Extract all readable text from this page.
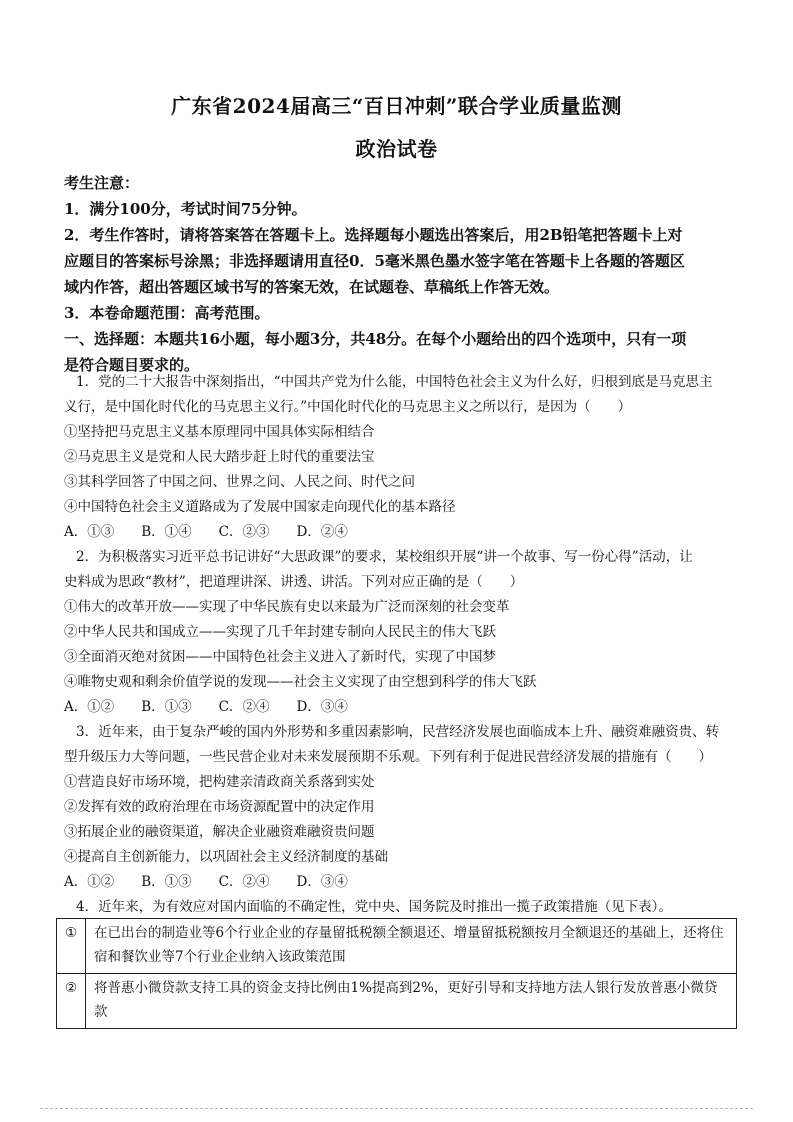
广东省2024届高三“百日冲刺”联合学业质量监测
政治试卷
考生注意：
1．满分100分，考试时间75分钟。
2．考生作答时，请将答案答在答题卡上。选择题每小题选出答案后，用2B铅笔把答题卡上对
应题目的答案标号涂黑；非选择题请用直径0．5毫米黑色墨水签字笔在答题卡上各题的答题区
域内作答，超出答题区域书写的答案无效，在试题卷、草稿纸上作答无效。
3．本卷命题范围：高考范围。
一、选择题：本题共16小题，每小题3分，共48分。在每个小题给出的四个选项中，只有一项
是符合题目要求的。
1．党的二十大报告中深刻指出，“中国共产党为什么能，中国特色社会主义为什么好，归根到底是马克思主
义行，是中国化时代化的马克思主义行。”中国化时代化的马克思主义之所以行，是因为（　　）
①坚持把马克思主义基本原理同中国具体实际相结合
②马克思主义是党和人民大踏步赶上时代的重要法宝
③其科学回答了中国之问、世界之问、人民之问、时代之问
④中国特色社会主义道路成为了发展中国家走向现代化的基本路径
A．①③　　B．①④　　C．②③　　D．②④
2．为积极落实习近平总书记讲好“大思政课”的要求，某校组织开展“讲一个故事、写一份心得”活动，让
史料成为思政“教材”，把道理讲深、讲透、讲活。下列对应正确的是（　　）
①伟大的改革开放——实现了中华民族有史以来最为广泛而深刻的社会变革
②中华人民共和国成立——实现了几千年封建专制向人民民主的伟大飞跃
③全面消灭绝对贫困——中国特色社会主义进入了新时代，实现了中国梦
④唯物史观和剩余价值学说的发现——社会主义实现了由空想到科学的伟大飞跃
A．①②　　B．①③　　C．②④　　D．③④
3．近年来，由于复杂严峻的国内外形势和多重因素影响，民营经济发展也面临成本上升、融资难融资贵、转
型升级压力大等问题，一些民营企业对未来发展预期不乐观。下列有利于促进民营经济发展的措施有（　　）
①营造良好市场环境，把构建亲清政商关系落到实处
②发挥有效的政府治理在市场资源配置中的决定作用
③拓展企业的融资渠道，解决企业融资难融资贵问题
④提高自主创新能力，以巩固社会主义经济制度的基础
A．①②　　B．①③　　C．②④　　D．③④
4．近年来，为有效应对国内面临的不确定性，党中央、国务院及时推出一揽子政策措施（见下表）。
①	在已出台的制造业等6个行业企业的存量留抵税额全额退还、增量留抵税额按月全额退还的基础上，还将住宿和餐饮业等7个行业企业纳入该政策范围
②	将普惠小微贷款支持工具的资金支持比例由1%提高到2%，更好引导和支持地方法人银行发放普惠小微贷款
